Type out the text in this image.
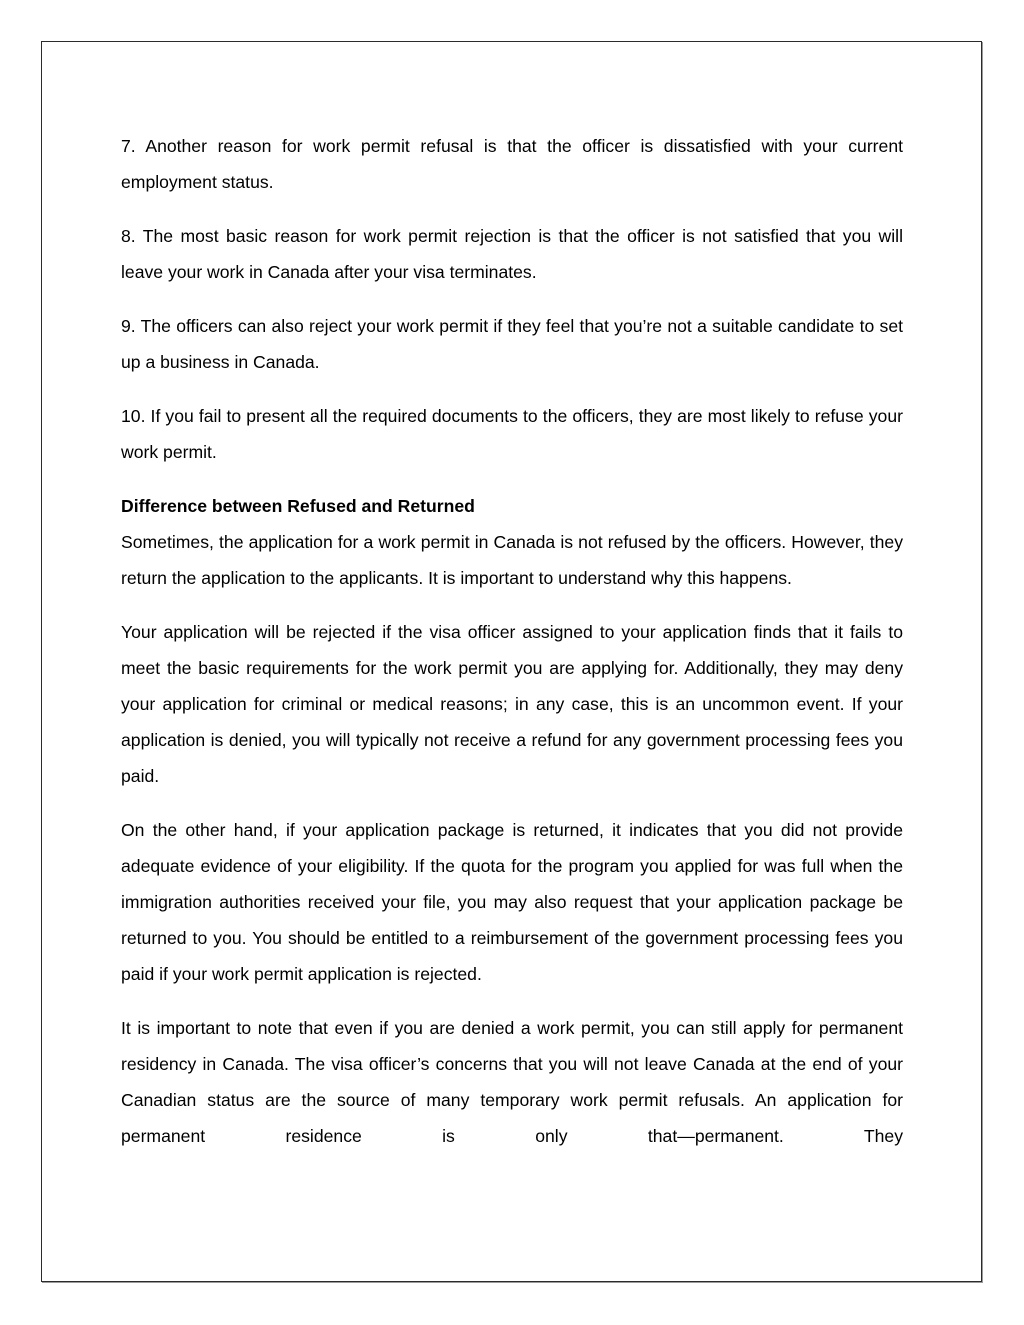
7. Another reason for work permit refusal is that the officer is dissatisfied with your current employment status.

8. The most basic reason for work permit rejection is that the officer is not satisfied that you will leave your work in Canada after your visa terminates.

9. The officers can also reject your work permit if they feel that you’re not a suitable candidate to set up a business in Canada.

10. If you fail to present all the required documents to the officers, they are most likely to refuse your work permit.

Difference between Refused and Returned

Sometimes, the application for a work permit in Canada is not refused by the officers. However, they return the application to the applicants. It is important to understand why this happens.

Your application will be rejected if the visa officer assigned to your application finds that it fails to meet the basic requirements for the work permit you are applying for. Additionally, they may deny your application for criminal or medical reasons; in any case, this is an uncommon event. If your application is denied, you will typically not receive a refund for any government processing fees you paid.

On the other hand, if your application package is returned, it indicates that you did not provide adequate evidence of your eligibility. If the quota for the program you applied for was full when the immigration authorities received your file, you may also request that your application package be returned to you. You should be entitled to a reimbursement of the government processing fees you paid if your work permit application is rejected.

It is important to note that even if you are denied a work permit, you can still apply for permanent residency in Canada. The visa officer’s concerns that you will not leave Canada at the end of your Canadian status are the source of many temporary work permit refusals. An application for permanent residence is only that—permanent. They
